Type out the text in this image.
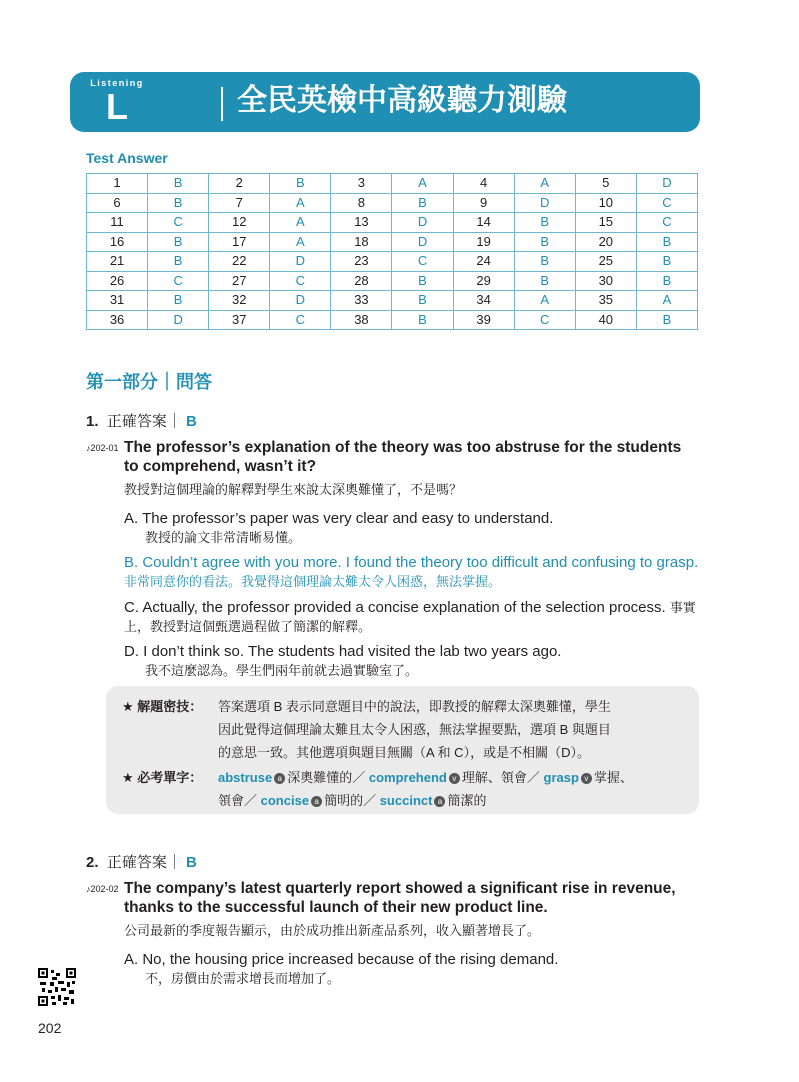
Listening
L	全民英檢中高級聽力測驗
Test Answer
1	B	2	B	3	A	4	A	5	D
6	B	7	A	8	B	9	D	10	C
11	C	12	A	13	D	14	B	15	C
16	B	17	A	18	D	19	B	20	B
21	B	22	D	23	C	24	B	25	B
26	C	27	C	28	B	29	B	30	B
31	B	32	D	33	B	34	A	35	A
36	D	37	C	38	B	39	C	40	B
第一部分｜問答
1. 正確答案｜ B
♪202-01 The professor’s explanation of the theory was too abstruse for the students to comprehend, wasn’t it?
教授對這個理論的解釋對學生來說太深奧難懂了，不是嗎？
A. The professor’s paper was very clear and easy to understand.
教授的論文非常清晰易懂。
B. Couldn’t agree with you more. I found the theory too difficult and confusing to grasp. 非常同意你的看法。我覺得這個理論太難太令人困惑，無法掌握。
C. Actually, the professor provided a concise explanation of the selection process. 事實上，教授對這個甄選過程做了簡潔的解釋。
D. I don’t think so. The students had visited the lab two years ago.
我不這麼認為。學生們兩年前就去過實驗室了。
★ 解題密技： 答案選項 B 表示同意題目中的說法，即教授的解釋太深奧難懂，學生
因此覺得這個理論太難且太令人困惑，無法掌握要點，選項 B 與題目
的意思一致。其他選項與題目無關（A 和 C），或是不相關（D）。
★ 必考單字： abstruse a 深奧難懂的／ comprehend v 理解、領會／ grasp v 掌握、
領會／ concise a 簡明的／ succinct a 簡潔的
2. 正確答案｜ B
♪202-02 The company’s latest quarterly report showed a significant rise in revenue, thanks to the successful launch of their new product line.
公司最新的季度報告顯示，由於成功推出新產品系列，收入顯著增長了。
A. No, the housing price increased because of the rising demand.
不，房價由於需求增長而增加了。
202
